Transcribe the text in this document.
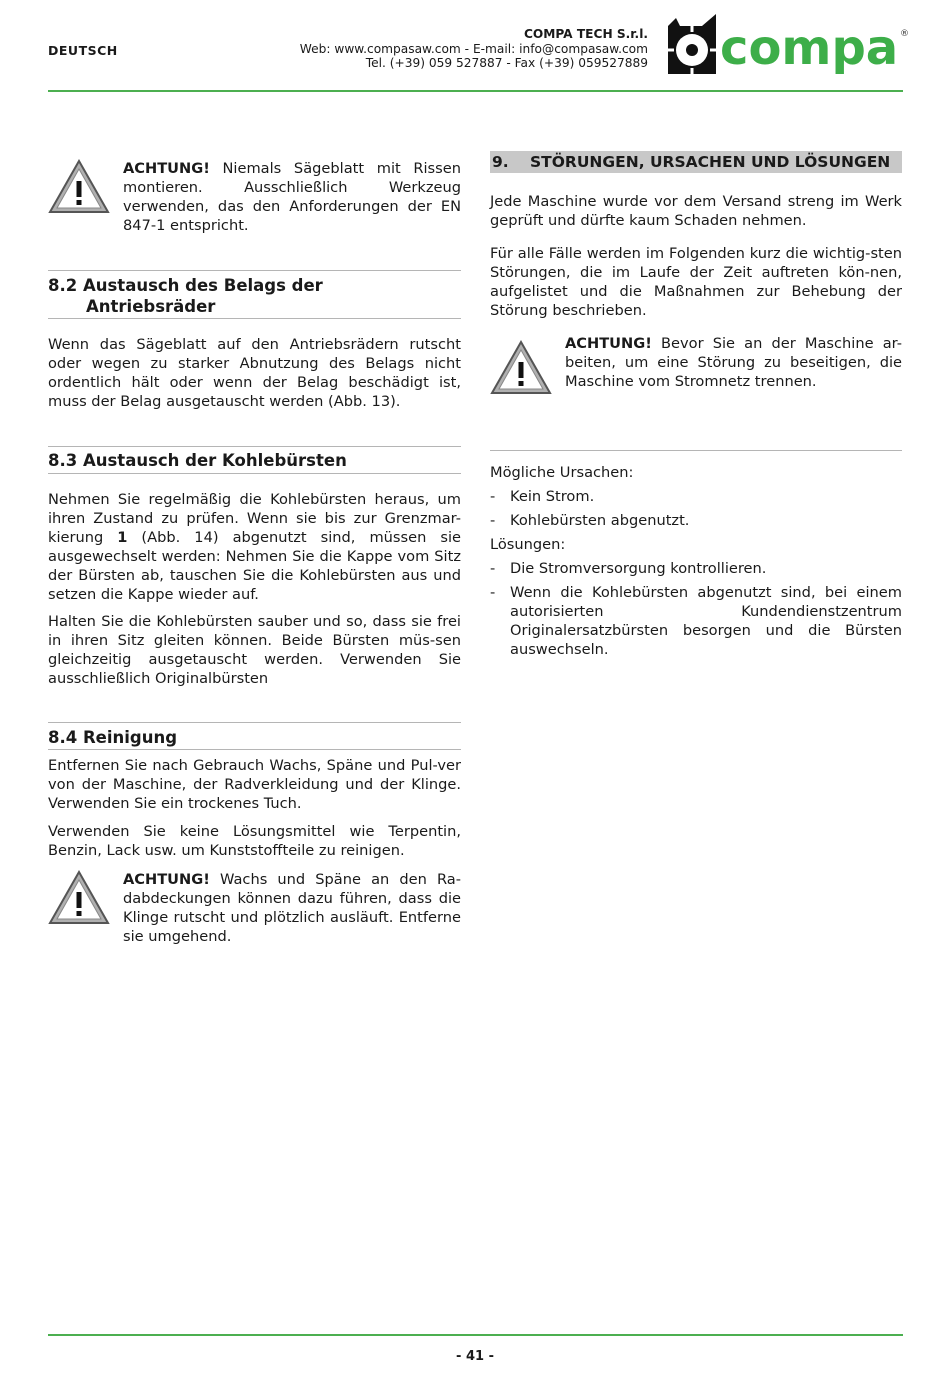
DEUTSCH
COMPA TECH S.r.l.
Web: www.compasaw.com - E-mail: info@compasaw.com
Tel. (+39) 059 527887 - Fax (+39) 059527889 compa ®
ACHTUNG! Niemals Sägeblatt mit Rissen montieren. Ausschließlich Werkzeug verwenden, das den Anforderungen der EN 847-1 entspricht.
8.2 Austausch des Belags der
Antriebsräder

Wenn das Sägeblatt auf den Antriebsrädern rutscht oder wegen zu starker Abnutzung des Belags nicht ordentlich hält oder wenn der Belag beschädigt ist, muss der Belag ausgetauscht werden (Abb. 13).

8.3 Austausch der Kohlebürsten

Nehmen Sie regelmäßig die Kohlebürsten heraus, um ihren Zustand zu prüfen. Wenn sie bis zur Grenzmar-kierung 1 (Abb. 14) abgenutzt sind, müssen sie ausgewechselt werden: Nehmen Sie die Kappe vom Sitz der Bürsten ab, tauschen Sie die Kohlebürsten aus und setzen die Kappe wieder auf.

Halten Sie die Kohlebürsten sauber und so, dass sie frei in ihren Sitz gleiten können. Beide Bürsten müs-sen gleichzeitig ausgetauscht werden. Verwenden Sie ausschließlich Originalbürsten

8.4 Reinigung

Entfernen Sie nach Gebrauch Wachs, Späne und Pul-ver von der Maschine, der Radverkleidung und der Klinge. Verwenden Sie ein trockenes Tuch.

Verwenden Sie keine Lösungsmittel wie Terpentin, Benzin, Lack usw. um Kunststoffteile zu reinigen.

ACHTUNG! Wachs und Späne an den Ra-dabdeckungen können dazu führen, dass die Klinge rutscht und plötzlich ausläuft. Entferne sie umgehend.
9. STÖRUNGEN, URSACHEN UND LÖSUNGEN

Jede Maschine wurde vor dem Versand streng im Werk geprüft und dürfte kaum Schaden nehmen.

Für alle Fälle werden im Folgenden kurz die wichtig-sten Störungen, die im Laufe der Zeit auftreten kön-nen, aufgelistet und die Maßnahmen zur Behebung der Störung beschrieben.

ACHTUNG! Bevor Sie an der Maschine ar-beiten, um eine Störung zu beseitigen, die Maschine vom Stromnetz trennen.
Mögliche Ursachen:
- Kein Strom.
- Kohlebürsten abgenutzt.
Lösungen:
- Die Stromversorgung kontrollieren.
- Wenn die Kohlebürsten abgenutzt sind, bei einem autorisierten Kundendienstzentrum Originalersatzbürsten besorgen und die Bürsten auswechseln.
- 41 -
